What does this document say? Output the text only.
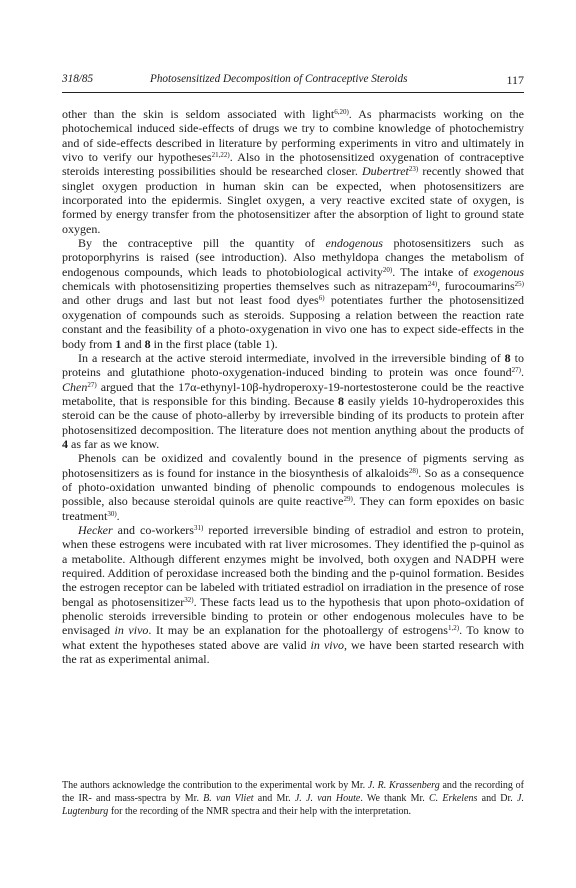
318/85	Photosensitized Decomposition of Contraceptive Steroids	117

other than the skin is seldom associated with light$^{6,20)}$. As pharmacists working on the photochemical induced side-effects of drugs we try to combine knowledge of photochemistry and of side-effects described in literature by performing experiments in vitro and ultimately in vivo to verify our hypotheses$^{21,22)}$. Also in the photosensitized oxygenation of contraceptive steroids interesting possibilities should be researched closer. Dubertret$^{23)}$ recently showed that singlet oxygen production in human skin can be expected, when photosensitizers are incorporated into the epidermis. Singlet oxygen, a very reactive excited state of oxygen, is formed by energy transfer from the photosensitizer after the absorption of light to ground state oxygen.

By the contraceptive pill the quantity of endogenous photosensitizers such as protoporphyrins is raised (see introduction). Also methyldopa changes the metabolism of endogenous compounds, which leads to photobiological activity$^{20)}$. The intake of exogenous chemicals with photosensitizing properties themselves such as nitrazepam$^{24)}$, furocoumarins$^{25)}$ and other drugs and last but not least food dyes$^{6)}$ potentiates further the photosensitized oxygenation of compounds such as steroids. Supposing a relation between the reaction rate constant and the feasibility of a photo-oxygenation in vivo one has to expect side-effects in the body from 1 and 8 in the first place (table 1).

In a research at the active steroid intermediate, involved in the irreversible binding of 8 to proteins and glutathione photo-oxygenation-induced binding to protein was once found$^{27)}$. Chen$^{27)}$ argued that the 17α-ethynyl-10β-hydroperoxy-19-nortestosterone could be the reactive metabolite, that is responsible for this binding. Because 8 easily yields 10-hydroperoxides this steroid can be the cause of photo-allerby by irreversible binding of its products to protein after photosensitized decomposition. The literature does not mention anything about the products of 4 as far as we know.

Phenols can be oxidized and covalently bound in the presence of pigments serving as photosensitizers as is found for instance in the biosynthesis of alkaloids$^{28)}$. So as a consequence of photo-oxidation unwanted binding of phenolic compounds to endogenous molecules is possible, also because steroidal quinols are quite reactive$^{29)}$. They can form epoxides on basic treatment$^{30)}$.

Hecker and co-workers$^{31)}$ reported irreversible binding of estradiol and estron to protein, when these estrogens were incubated with rat liver microsomes. They identified the p-quinol as a metabolite. Although different enzymes might be involved, both oxygen and NADPH were required. Addition of peroxidase increased both the binding and the p-quinol formation. Besides the estrogen receptor can be labeled with tritiated estradiol on irradiation in the presence of rose bengal as photosensitizer$^{32)}$. These facts lead us to the hypothesis that upon photo-oxidation of phenolic steroids irreversible binding to protein or other endogenous molecules have to be envisaged in vivo. It may be an explanation for the photoallergy of estrogens$^{1,2)}$. To know to what extent the hypotheses stated above are valid in vivo, we have been started research with the rat as experimental animal.

The authors acknowledge the contribution to the experimental work by Mr. J. R. Krassenberg and the recording of the IR- and mass-spectra by Mr. B. van Vliet and Mr. J. J. van Houte. We thank Mr. C. Erkelens and Dr. J. Lugtenburg for the recording of the NMR spectra and their help with the interpretation.
